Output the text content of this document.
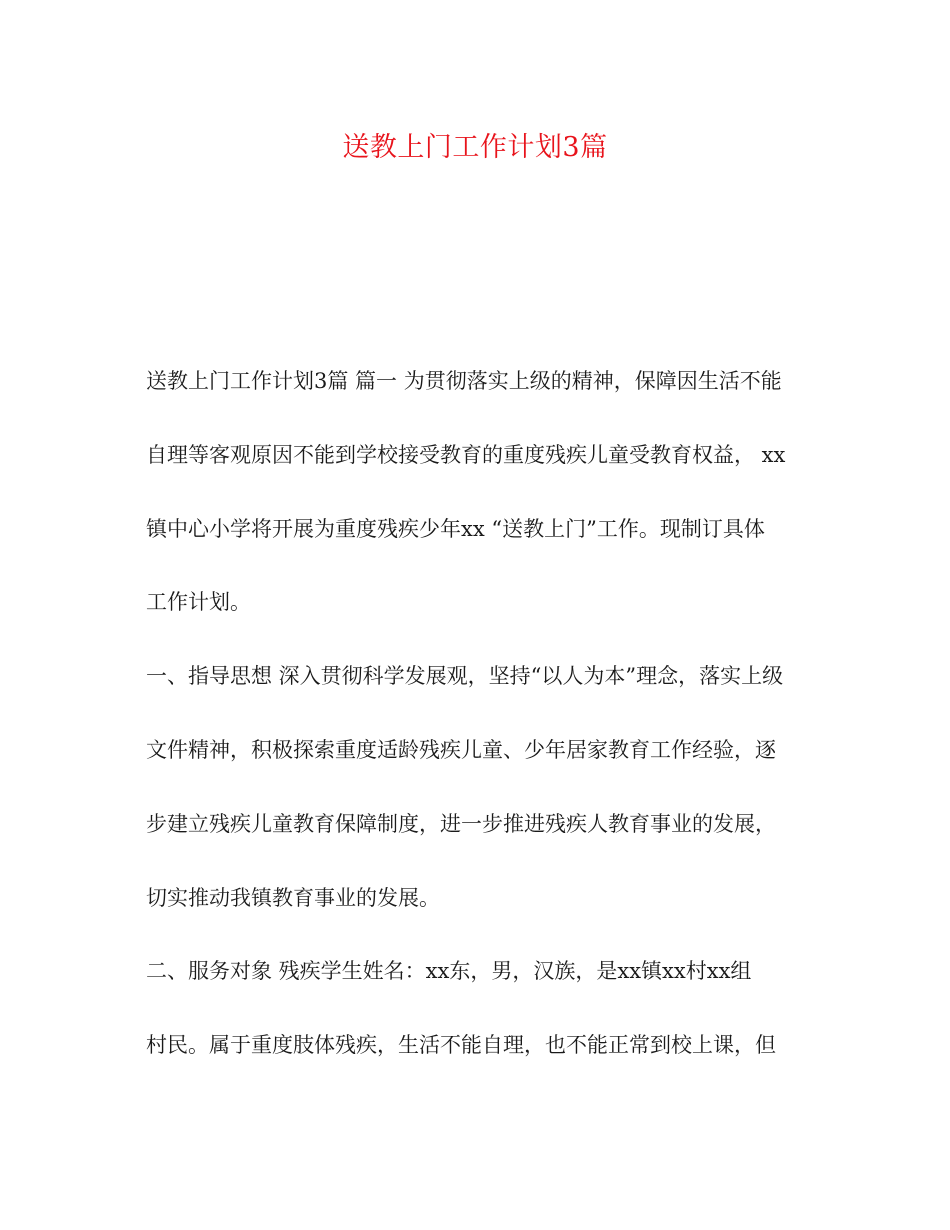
送教上门工作计划3篇
送教上门工作计划3篇 篇一 为贯彻落实上级的精神，保障因生活不能
自理等客观原因不能到学校接受教育的重度残疾儿童受教育权益， xx
镇中心小学将开展为重度残疾少年xx “送教上门”工作。现制订具体
工作计划。
一、指导思想 深入贯彻科学发展观，坚持“以人为本”理念，落实上级
文件精神，积极探索重度适龄残疾儿童、少年居家教育工作经验，逐
步建立残疾儿童教育保障制度，进一步推进残疾人教育事业的发展，
切实推动我镇教育事业的发展。
二、服务对象 残疾学生姓名：xx东，男，汉族，是xx镇xx村xx组
村民。属于重度肢体残疾，生活不能自理，也不能正常到校上课，但
